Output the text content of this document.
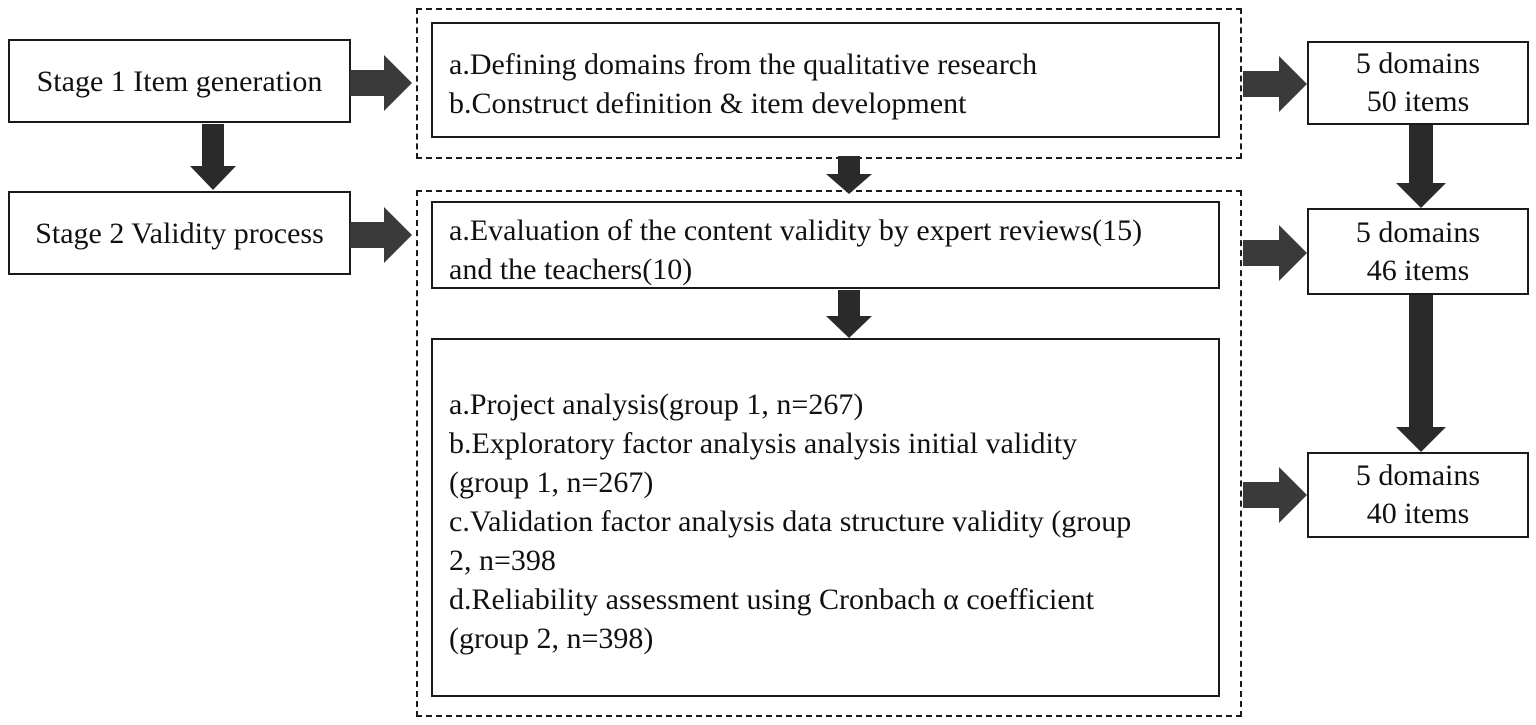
Stage 1 Item generation
Stage 2 Validity process
a.Defining domains from the qualitative research
b.Construct definition & item development
a.Evaluation of the content validity by expert reviews(15)
and the teachers(10)
a.Project analysis(group 1, n=267)
b.Exploratory factor analysis analysis initial validity
(group 1, n=267)
c.Validation factor analysis data structure validity (group
2, n=398
d.Reliability assessment using Cronbach α coefficient
(group 2, n=398)
5 domains
50 items
5 domains
46 items
5 domains
40 items
